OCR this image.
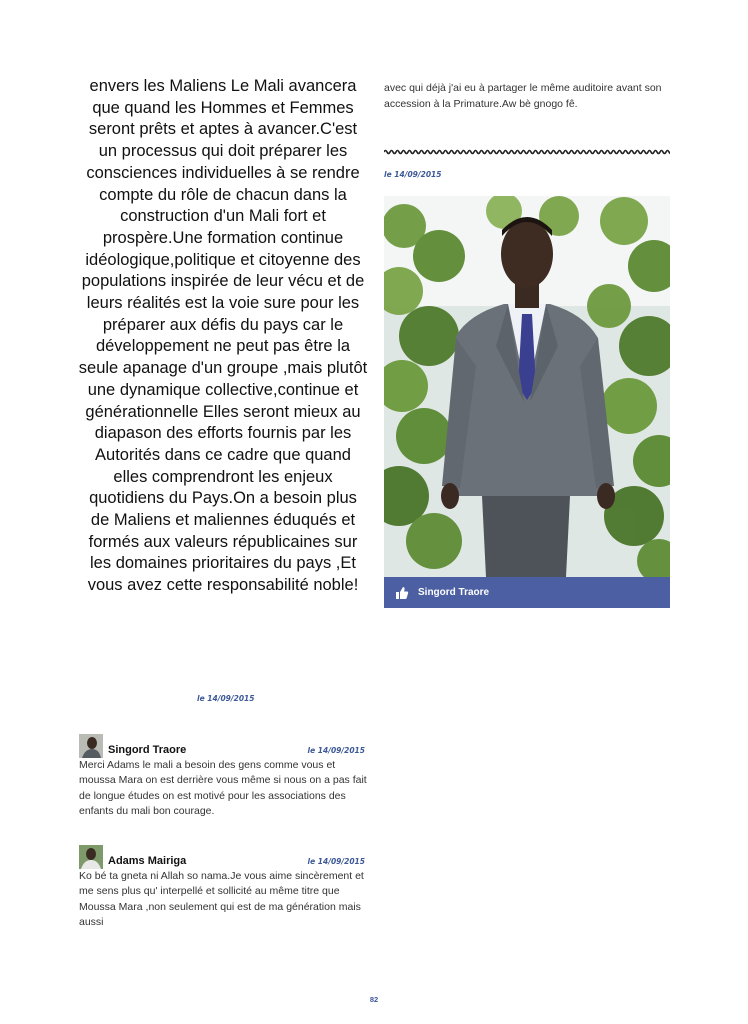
envers les Maliens Le Mali avancera que quand les Hommes et Femmes seront prêts et aptes à avancer.C'est un processus qui doit préparer les consciences individuelles à se rendre compte du rôle de chacun dans la construction d'un Mali fort et prospère.Une formation continue idéologique,politique et citoyenne des populations inspirée de leur vécu et de leurs réalités est la voie sure pour les préparer aux défis du pays car le développement ne peut pas être la seule apanage d'un groupe ,mais plutôt une dynamique collective,continue et générationnelle Elles seront mieux au diapason des efforts fournis par les Autorités dans ce cadre que quand elles comprendront les enjeux quotidiens du Pays.On a besoin plus de Maliens et maliennes éduqués et formés aux valeurs républicaines sur les domaines prioritaires du pays ,Et vous avez cette responsabilité noble!

le 14/09/2015
avec qui déjà j'ai eu à partager le même auditoire avant son accession à la Primature.Aw bè gnogo fê.
le 14/09/2015
Singord Traore
Singord Traore	le 14/09/2015

Merci Adams le mali a besoin des gens comme vous et moussa Mara on est derrière vous même si nous on a pas fait de longue études on est motivé pour les associations des enfants du mali bon courage.

Adams Mairiga	le 14/09/2015

Ko bé ta gneta ni Allah so nama.Je vous aime sincèrement et me sens plus qu' interpellé et sollicité au même titre que Moussa Mara ,non seulement qui est de ma génération mais aussi

82
